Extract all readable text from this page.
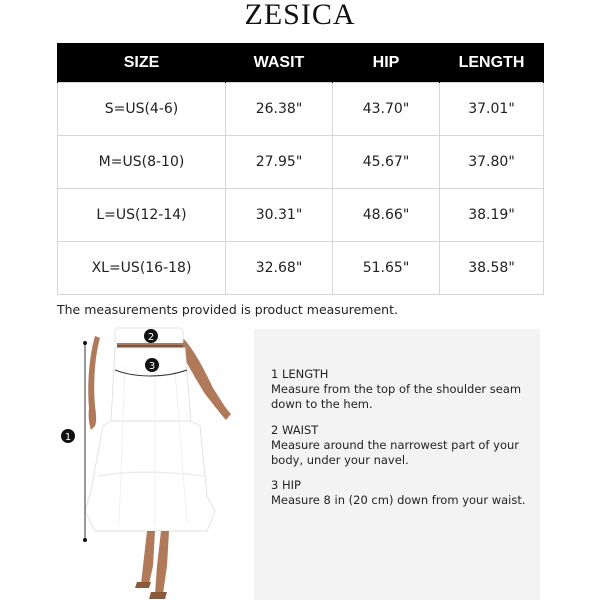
ZESICA
SIZE	WASIT	HIP	LENGTH
S=US(4-6)	26.38"	43.70"	37.01"
M=US(8-10)	27.95"	45.67"	37.80"
L=US(12-14)	30.31"	48.66"	38.19"
XL=US(16-18)	32.68"	51.65"	38.58"
The measurements provided is product measurement.
2
3
1
1 LENGTH
Measure from the top of the shoulder seam down to the hem.
2 WAIST
Measure around the narrowest part of your body, under your navel.
3 HIP
Measure 8 in (20 cm) down from your waist.
